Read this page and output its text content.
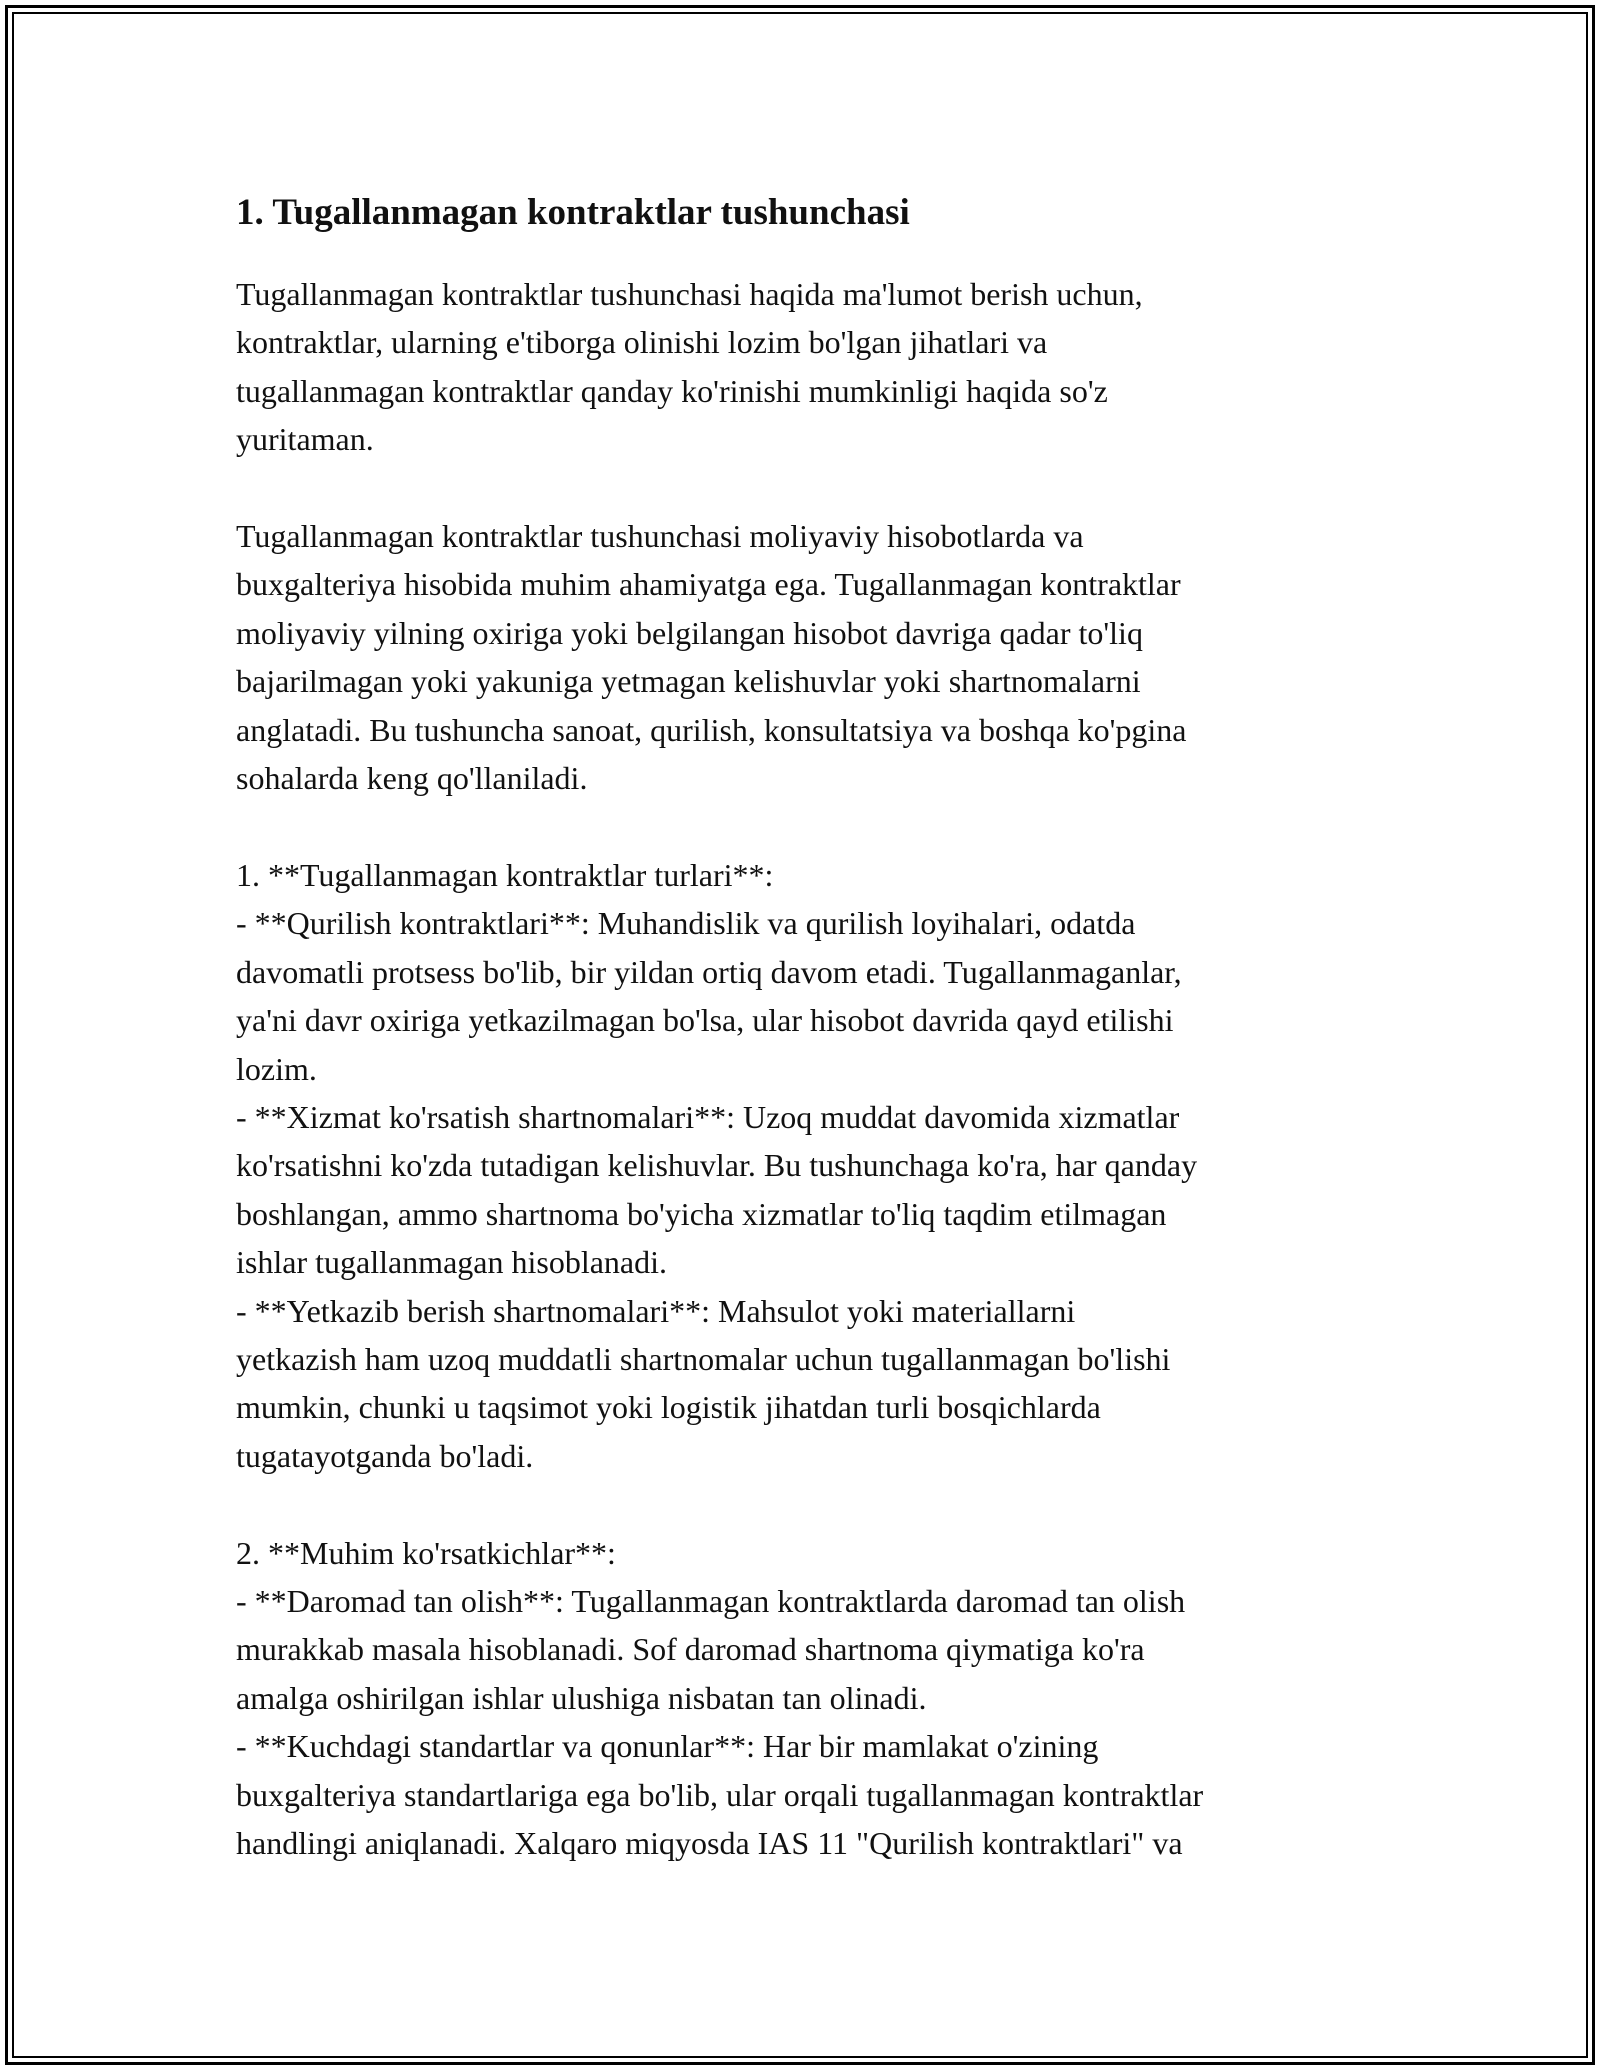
1. Tugallanmagan kontraktlar tushunchasi

Tugallanmagan kontraktlar tushunchasi haqida ma'lumot berish uchun,
kontraktlar, ularning e'tiborga olinishi lozim bo'lgan jihatlari va
tugallanmagan kontraktlar qanday ko'rinishi mumkinligi haqida so'z
yuritaman.

Tugallanmagan kontraktlar tushunchasi moliyaviy hisobotlarda va
buxgalteriya hisobida muhim ahamiyatga ega. Tugallanmagan kontraktlar
moliyaviy yilning oxiriga yoki belgilangan hisobot davriga qadar to'liq
bajarilmagan yoki yakuniga yetmagan kelishuvlar yoki shartnomalarni
anglatadi. Bu tushuncha sanoat, qurilish, konsultatsiya va boshqa ko'pgina
sohalarda keng qo'llaniladi.

1. **Tugallanmagan kontraktlar turlari**:
- **Qurilish kontraktlari**: Muhandislik va qurilish loyihalari, odatda
davomatli protsess bo'lib, bir yildan ortiq davom etadi. Tugallanmaganlar,
ya'ni davr oxiriga yetkazilmagan bo'lsa, ular hisobot davrida qayd etilishi
lozim.
- **Xizmat ko'rsatish shartnomalari**: Uzoq muddat davomida xizmatlar
ko'rsatishni ko'zda tutadigan kelishuvlar. Bu tushunchaga ko'ra, har qanday
boshlangan, ammo shartnoma bo'yicha xizmatlar to'liq taqdim etilmagan
ishlar tugallanmagan hisoblanadi.
- **Yetkazib berish shartnomalari**: Mahsulot yoki materiallarni
yetkazish ham uzoq muddatli shartnomalar uchun tugallanmagan bo'lishi
mumkin, chunki u taqsimot yoki logistik jihatdan turli bosqichlarda
tugatayotganda bo'ladi.

2. **Muhim ko'rsatkichlar**:
- **Daromad tan olish**: Tugallanmagan kontraktlarda daromad tan olish
murakkab masala hisoblanadi. Sof daromad shartnoma qiymatiga ko'ra
amalga oshirilgan ishlar ulushiga nisbatan tan olinadi.
- **Kuchdagi standartlar va qonunlar**: Har bir mamlakat o'zining
buxgalteriya standartlariga ega bo'lib, ular orqali tugallanmagan kontraktlar
handlingi aniqlanadi. Xalqaro miqyosda IAS 11 "Qurilish kontraktlari" va
